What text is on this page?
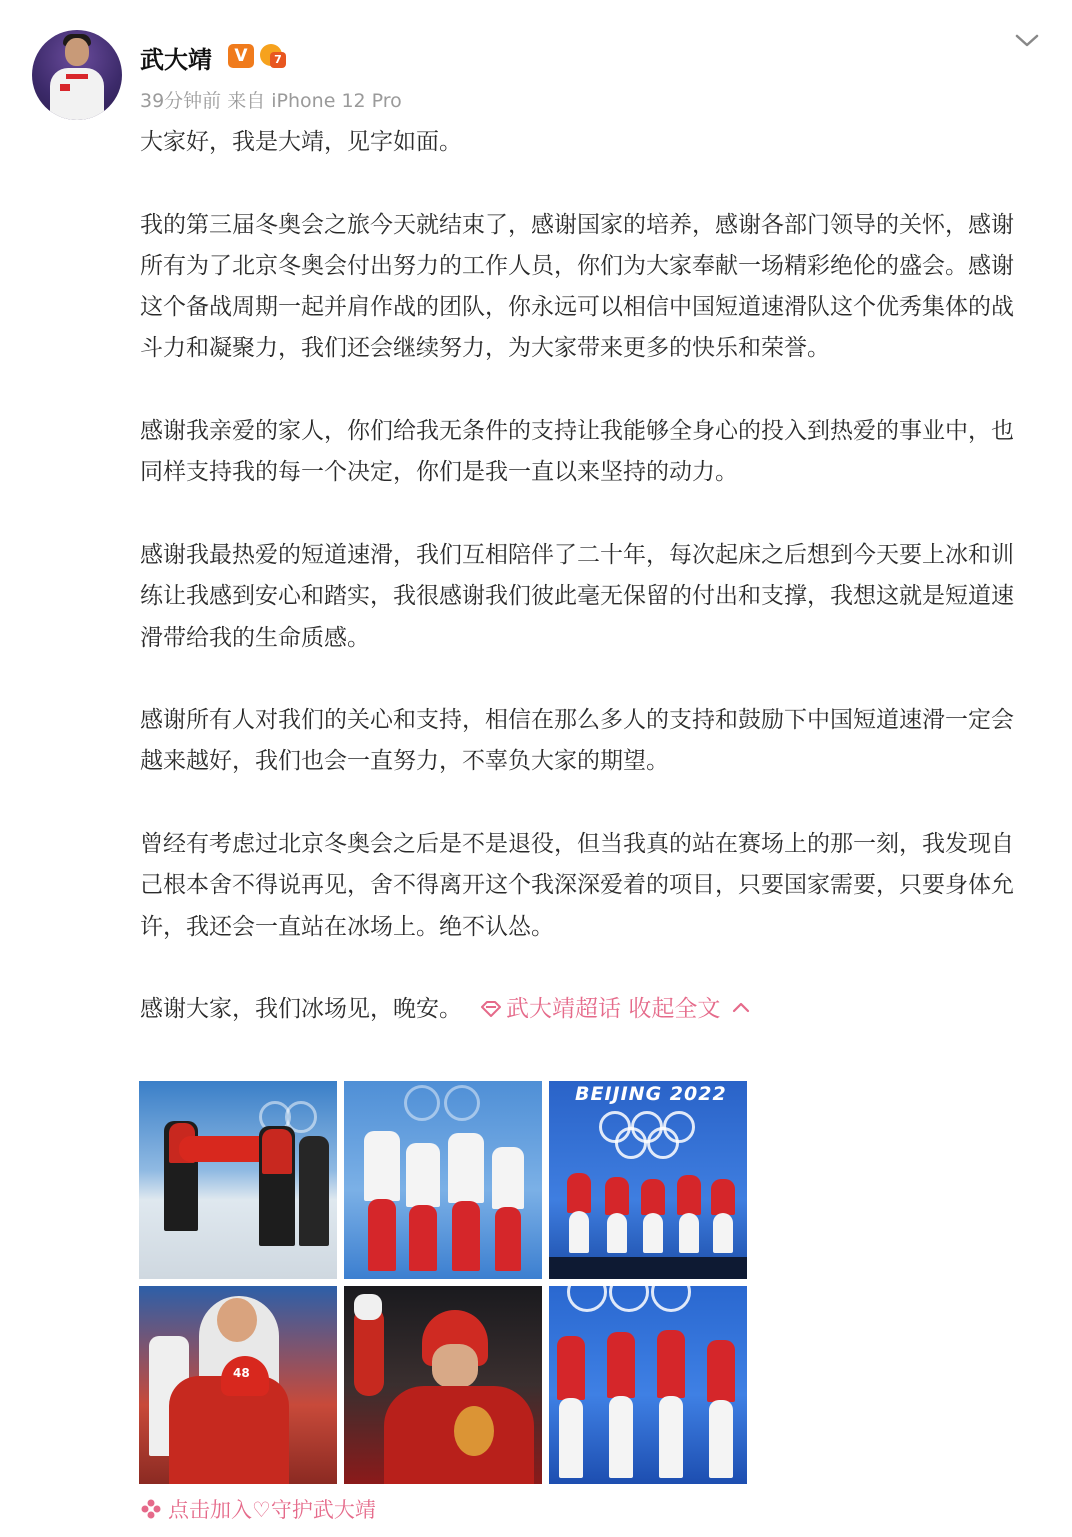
武大靖	V	7
39分钟前 来自 iPhone 12 Pro

大家好，我是大靖，见字如面。

我的第三届冬奥会之旅今天就结束了，感谢国家的培养，感谢各部门领导的关怀，感谢所有为了北京冬奥会付出努力的工作人员，你们为大家奉献一场精彩绝伦的盛会。感谢这个备战周期一起并肩作战的团队，你永远可以相信中国短道速滑队这个优秀集体的战斗力和凝聚力，我们还会继续努力，为大家带来更多的快乐和荣誉。

感谢我亲爱的家人，你们给我无条件的支持让我能够全身心的投入到热爱的事业中，也同样支持我的每一个决定，你们是我一直以来坚持的动力。

感谢我最热爱的短道速滑，我们互相陪伴了二十年，每次起床之后想到今天要上冰和训练让我感到安心和踏实，我很感谢我们彼此毫无保留的付出和支撑，我想这就是短道速滑带给我的生命质感。

感谢所有人对我们的关心和支持，相信在那么多人的支持和鼓励下中国短道速滑一定会越来越好，我们也会一直努力，不辜负大家的期望。

曾经有考虑过北京冬奥会之后是不是退役，但当我真的站在赛场上的那一刻，我发现自己根本舍不得说再见，舍不得离开这个我深深爱着的项目，只要国家需要，只要身体允许，我还会一直站在冰场上。绝不认怂。

感谢大家，我们冰场见，晚安。 武大靖超话 收起全文

BEIJING 2022
48
点击加入♡守护武大靖
